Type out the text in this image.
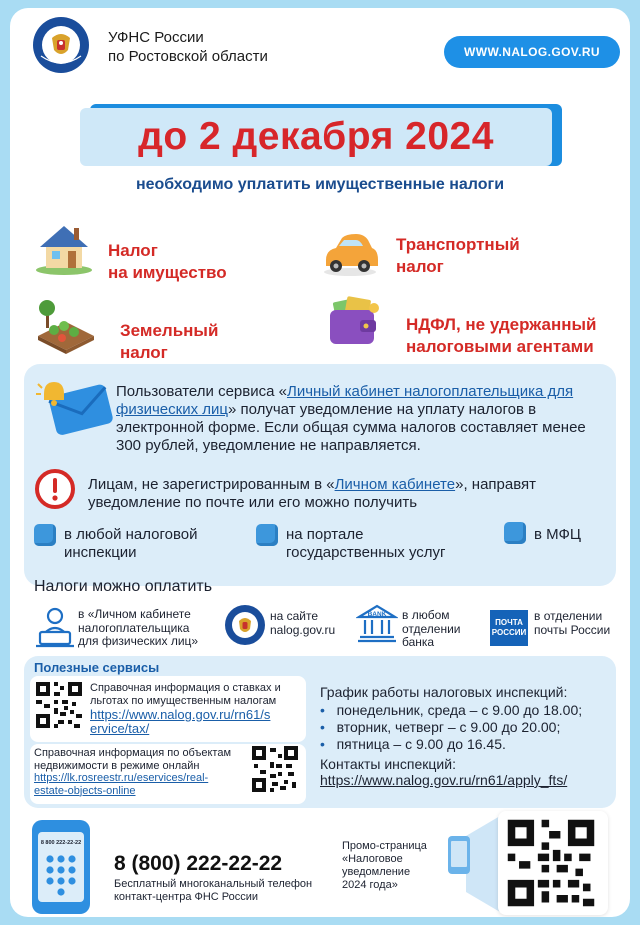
УФНС России
по Ростовской области	WWW.NALOG.GOV.RU
до 2 декабря 2024
необходимо уплатить имущественные налоги
Налог
на имущество
Транспортный
налог
Земельный
налог
НДФЛ, не удержанный
налоговыми агентами
Пользователи сервиса «Личный кабинет налогоплательщика для физических лиц» получат уведомление на уплату налогов в электронной форме. Если общая сумма налогов составляет менее 300 рублей, уведомление не направляется.
Лицам, не зарегистрированным в «Личном кабинете», направят уведомление по почте или его можно получить
в любой налоговой
инспекции
на портале
государственных услуг
в МФЦ
Налоги можно оплатить
в «Личном кабинете
налогоплательщика
для физических лиц»
на сайте
nalog.gov.ru
BANK в любом
отделении
банка
ПОЧТА
РОССИИ
в отделении
почты России
Полезные сервисы
Справочная информация о ставках и
льготах по имущественным налогам
https://www.nalog.gov.ru/rn61/s
ervice/tax/
Справочная информация по объектам
недвижимости в режиме онлайн
https://lk.rosreestr.ru/eservices/real-
estate-objects-online
График работы налоговых инспекций:
•   понедельник, среда – с 9.00 до 18.00;
•   вторник, четверг – с 9.00 до 20.00;
•   пятница – с 9.00 до 16.45.
Контакты инспекций:
https://www.nalog.gov.ru/rn61/apply_fts/
8 800 222-22-22
8 (800) 222-22-22
Бесплатный многоканальный телефон
контакт-центра ФНС России
Промо-страница
«Налоговое
уведомление
2024 года»
